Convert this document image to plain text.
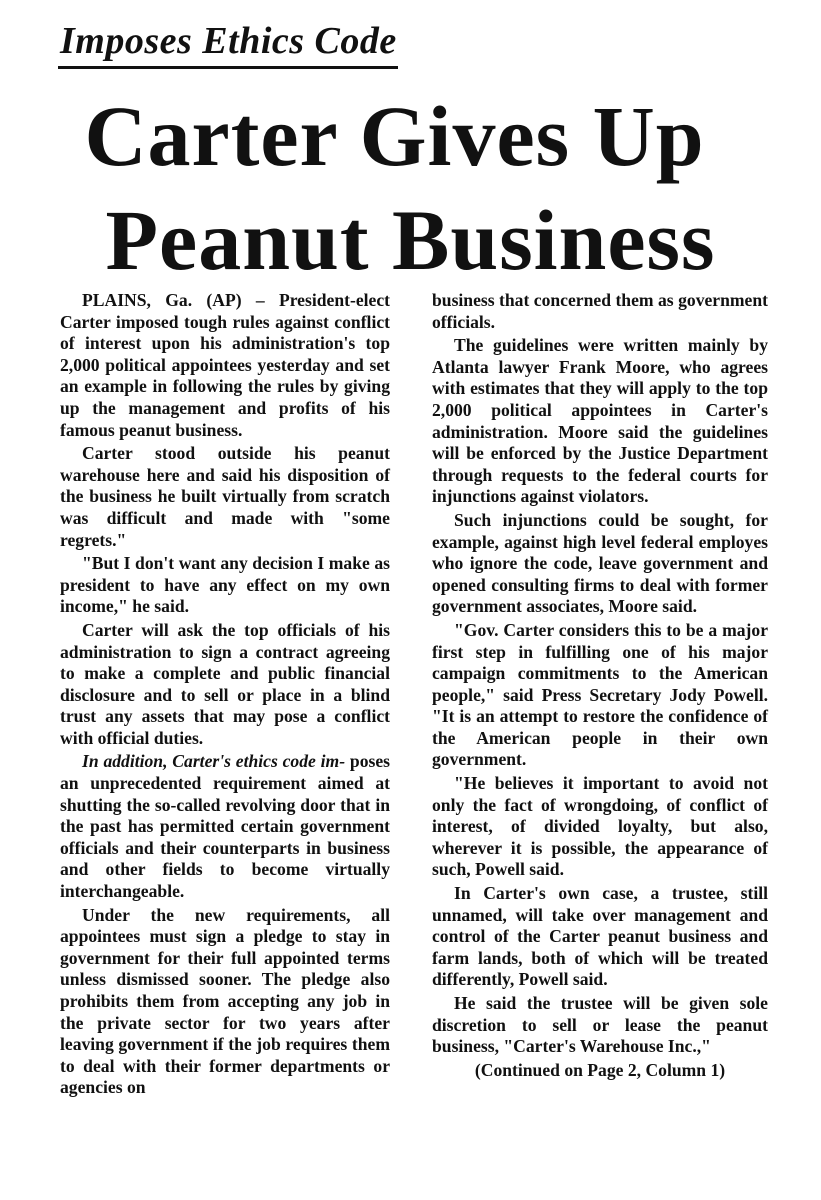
Imposes Ethics Code
Carter Gives Up
Peanut Business

PLAINS, Ga. (AP) – President-elect Carter imposed tough rules against conflict of interest upon his administration's top 2,000 political appointees yesterday and set an example in following the rules by giving up the management and profits of his famous peanut business.

Carter stood outside his peanut warehouse here and said his disposition of the business he built virtually from scratch was difficult and made with "some regrets."

"But I don't want any decision I make as president to have any effect on my own income," he said.

Carter will ask the top officials of his administration to sign a contract agreeing to make a complete and public financial disclosure and to sell or place in a blind trust any assets that may pose a conflict with official duties.

In addition, Carter's ethics code im- poses an unprecedented requirement aimed at shutting the so-called revolving door that in the past has permitted certain government officials and their counterparts in business and other fields to become virtually interchangeable.

Under the new requirements, all appointees must sign a pledge to stay in government for their full appointed terms unless dismissed sooner. The pledge also prohibits them from accepting any job in the private sector for two years after leaving government if the job requires them to deal with their former departments or agencies on

business that concerned them as government officials.

The guidelines were written mainly by Atlanta lawyer Frank Moore, who agrees with estimates that they will apply to the top 2,000 political appointees in Carter's administration. Moore said the guidelines will be enforced by the Justice Department through requests to the federal courts for injunctions against violators.

Such injunctions could be sought, for example, against high level federal employes who ignore the code, leave government and opened consulting firms to deal with former government associates, Moore said.

"Gov. Carter considers this to be a major first step in fulfilling one of his major campaign commitments to the American people," said Press Secretary Jody Powell. "It is an attempt to restore the confidence of the American people in their own government.

"He believes it important to avoid not only the fact of wrongdoing, of conflict of interest, of divided loyalty, but also, wherever it is possible, the appearance of such, Powell said.

In Carter's own case, a trustee, still unnamed, will take over management and control of the Carter peanut business and farm lands, both of which will be treated differently, Powell said.

He said the trustee will be given sole discretion to sell or lease the peanut business, "Carter's Warehouse Inc.,"

(Continued on Page 2, Column 1)
